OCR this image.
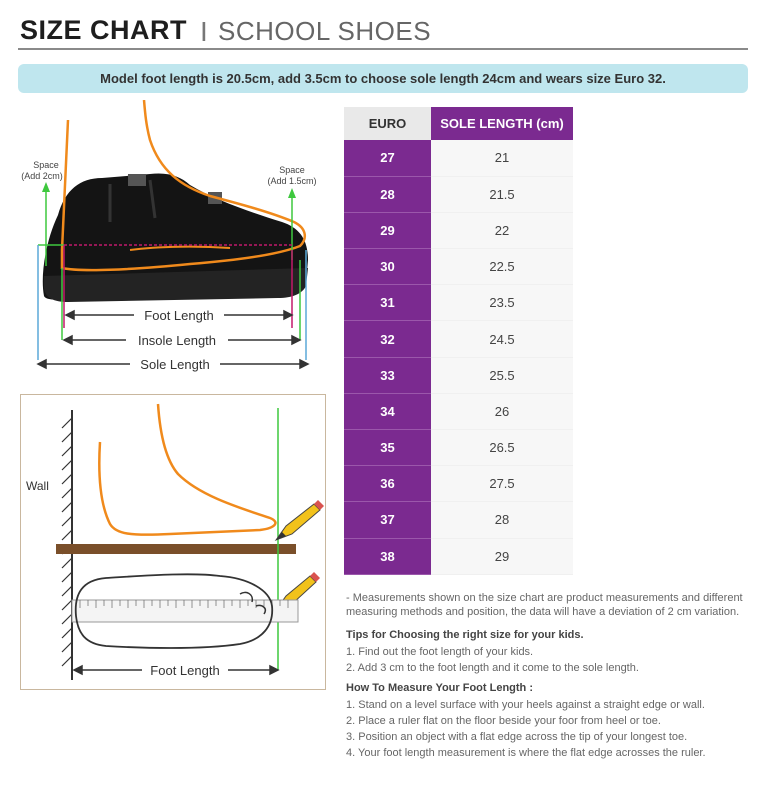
SIZE CHART I SCHOOL SHOES
Model foot length is 20.5cm, add 3.5cm to choose sole length 24cm and wears size Euro 32.
Space
(Add 2cm)
Space
(Add 1.5cm)
Foot Length
Insole Length
Sole Length
Wall
Foot Length
EURO	SOLE LENGTH (cm)
27	21
28	21.5
29	22
30	22.5
31	23.5
32	24.5
33	25.5
34	26
35	26.5
36	27.5
37	28
38	29
- Measurements shown on the size chart are product measurements and different measuring methods and position, the data will have a deviation of 2 cm variation.
Tips for Choosing the right size for your kids.
1. Find out the foot length of your kids.
2. Add 3 cm to the foot length and it come to the sole length.
How To Measure Your Foot Length :
1. Stand on a level surface with your heels against a straight edge or wall.
2. Place a ruler flat on the floor beside your foor from heel or toe.
3. Position an object with a flat edge across the tip of your longest toe.
4. Your foot length measurement is where the flat edge acrosses the ruler.
